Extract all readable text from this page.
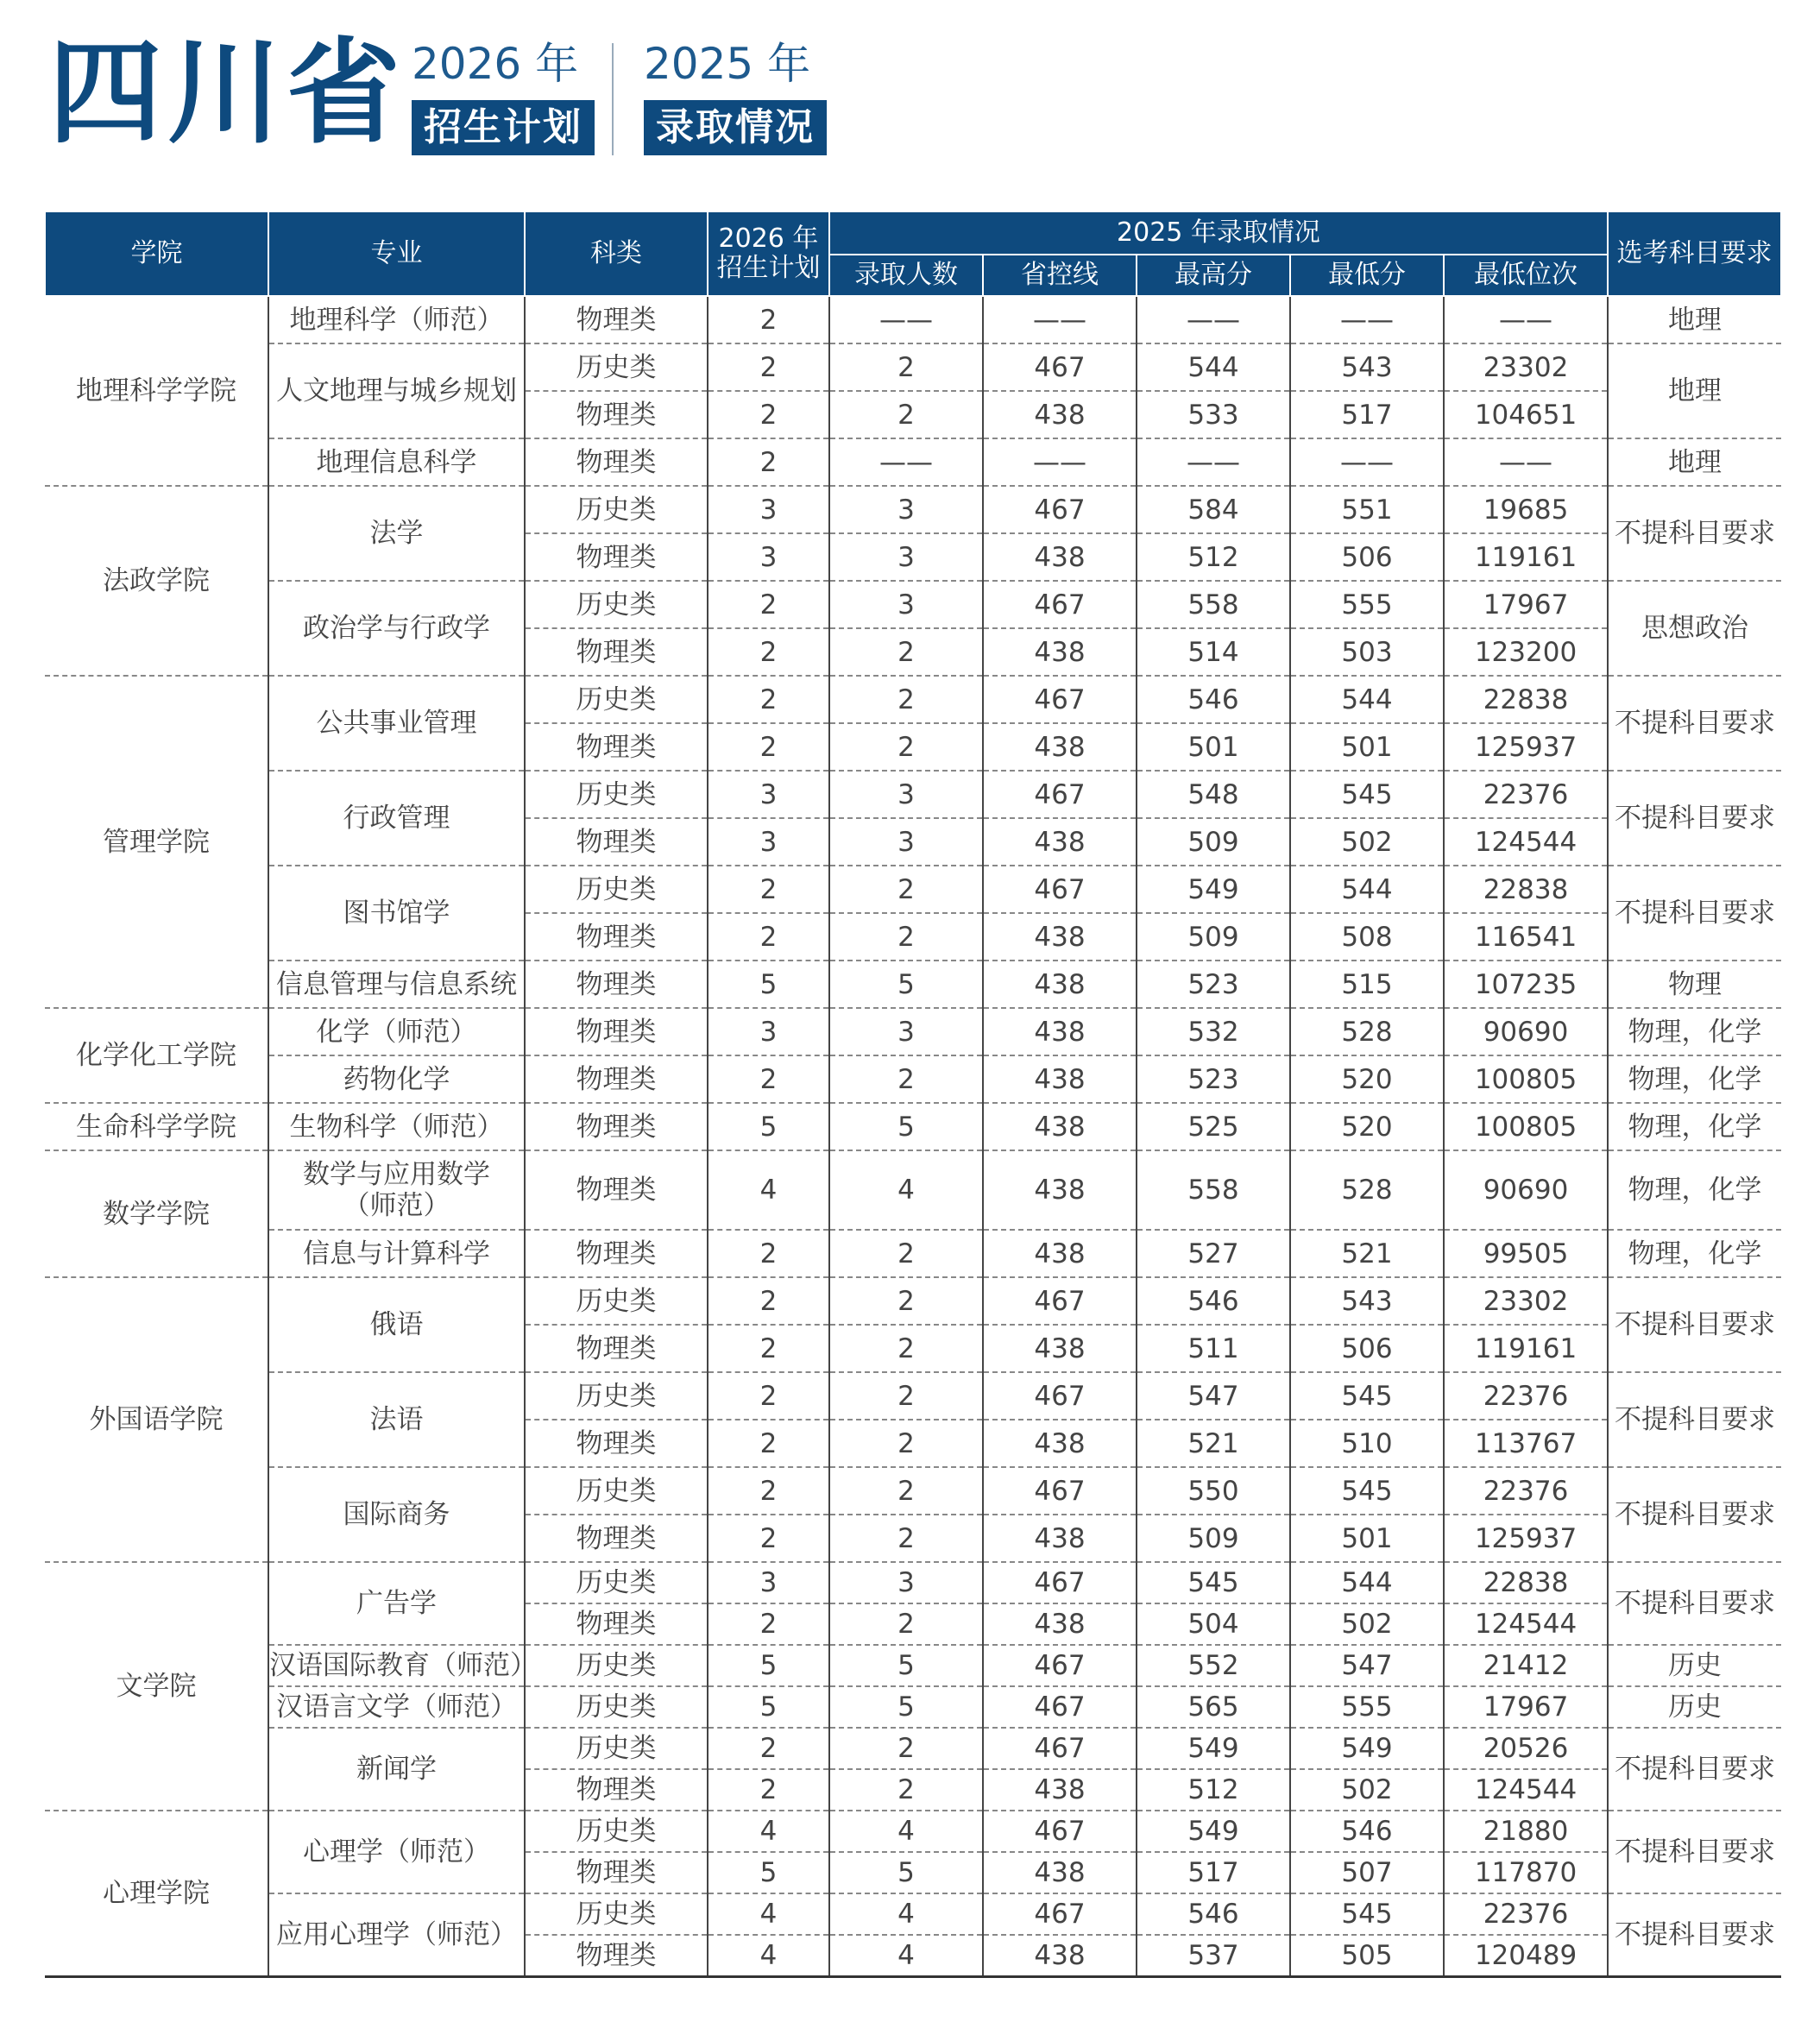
四川省 2026 年
招生计划
2025 年
录取情况
学院	专业	科类	2026 年
招生计划	2025 年录取情况					选考科目要求
				录取人数	省控线	最高分	最低分	最低位次	
地理科学学院	地理科学（师范）	物理类	2	——	——	——	——	——	地理
	人文地理与城乡规划	历史类	2	2	467	544	543	23302	地理
		物理类	2	2	438	533	517	104651	
	地理信息科学	物理类	2	——	——	——	——	——	地理
法政学院	法学	历史类	3	3	467	584	551	19685	不提科目要求
		物理类	3	3	438	512	506	119161	
	政治学与行政学	历史类	2	3	467	558	555	17967	思想政治
		物理类	2	2	438	514	503	123200	
管理学院	公共事业管理	历史类	2	2	467	546	544	22838	不提科目要求
		物理类	2	2	438	501	501	125937	
	行政管理	历史类	3	3	467	548	545	22376	不提科目要求
		物理类	3	3	438	509	502	124544	
	图书馆学	历史类	2	2	467	549	544	22838	不提科目要求
		物理类	2	2	438	509	508	116541	
	信息管理与信息系统	物理类	5	5	438	523	515	107235	物理
化学化工学院	化学（师范）	物理类	3	3	438	532	528	90690	物理，化学
	药物化学	物理类	2	2	438	523	520	100805	物理，化学
生命科学学院	生物科学（师范）	物理类	5	5	438	525	520	100805	物理，化学
数学学院	数学与应用数学
（师范）	物理类	4	4	438	558	528	90690	物理，化学
	信息与计算科学	物理类	2	2	438	527	521	99505	物理，化学
外国语学院	俄语	历史类	2	2	467	546	543	23302	不提科目要求
		物理类	2	2	438	511	506	119161	
	法语	历史类	2	2	467	547	545	22376	不提科目要求
		物理类	2	2	438	521	510	113767	
	国际商务	历史类	2	2	467	550	545	22376	不提科目要求
		物理类	2	2	438	509	501	125937	
文学院	广告学	历史类	3	3	467	545	544	22838	不提科目要求
		物理类	2	2	438	504	502	124544	
	汉语国际教育（师范）	历史类	5	5	467	552	547	21412	历史
	汉语言文学（师范）	历史类	5	5	467	565	555	17967	历史
	新闻学	历史类	2	2	467	549	549	20526	不提科目要求
		物理类	2	2	438	512	502	124544	
心理学院	心理学（师范）	历史类	4	4	467	549	546	21880	不提科目要求
		物理类	5	5	438	517	507	117870	
	应用心理学（师范）	历史类	4	4	467	546	545	22376	不提科目要求
		物理类	4	4	438	537	505	120489	
